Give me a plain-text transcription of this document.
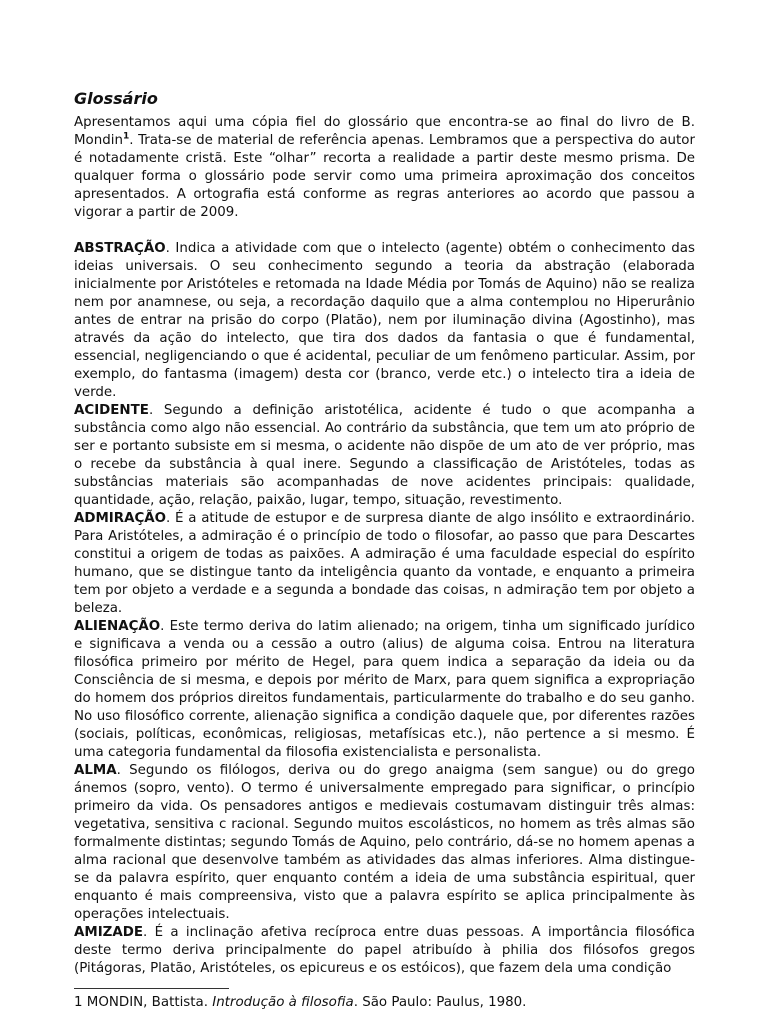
Glossário

Apresentamos aqui uma cópia fiel do glossário que encontra-se ao final do livro de B. Mondin$^1$. Trata-se de material de referência apenas. Lembramos que a perspectiva do autor é notadamente cristã. Este “olhar” recorta a realidade a partir deste mesmo prisma. De qualquer forma o glossário pode servir como uma primeira aproximação dos conceitos apresentados. A ortografia está conforme as regras anteriores ao acordo que passou a vigorar a partir de 2009.

ABSTRAÇÃO. Indica a atividade com que o intelecto (agente) obtém o conhecimento das ideias universais. O seu conhecimento segundo a teoria da abstração (elaborada inicialmente por Aristóteles e retomada na Idade Média por Tomás de Aquino) não se realiza nem por anamnese, ou seja, a recordação daquilo que a alma contemplou no Hiperurânio antes de entrar na prisão do corpo (Platão), nem por iluminação divina (Agostinho), mas através da ação do intelecto, que tira dos dados da fantasia o que é fundamental, essencial, negligenciando o que é acidental, peculiar de um fenômeno particular. Assim, por exemplo, do fantasma (imagem) desta cor (branco, verde etc.) o intelecto tira a ideia de verde.

ACIDENTE. Segundo a definição aristotélica, acidente é tudo o que acompanha a substância como algo não essencial. Ao contrário da substância, que tem um ato próprio de ser e portanto subsiste em si mesma, o acidente não dispõe de um ato de ver próprio, mas o recebe da substância à qual inere. Segundo a classificação de Aristóteles, todas as substâncias materiais são acompanhadas de nove acidentes principais: qualidade, quantidade, ação, relação, paixão, lugar, tempo, situação, revestimento.

ADMIRAÇÃO. É a atitude de estupor e de surpresa diante de algo insólito e extraordinário. Para Aristóteles, a admiração é o princípio de todo o filosofar, ao passo que para Descartes constitui a origem de todas as paixões. A admiração é uma faculdade especial do espírito humano, que se distingue tanto da inteligência quanto da vontade, e enquanto a primeira tem por objeto a verdade e a segunda a bondade das coisas, n admiração tem por objeto a beleza.

ALIENAÇÃO. Este termo deriva do latim alienado; na origem, tinha um significado jurídico e significava a venda ou a cessão a outro (alius) de alguma coisa. Entrou na literatura filosófica primeiro por mérito de Hegel, para quem indica a separação da ideia ou da Consciência de si mesma, e depois por mérito de Marx, para quem significa a expropriação do homem dos próprios direitos fundamentais, particularmente do trabalho e do seu ganho. No uso filosófico corrente, alienação significa a condição daquele que, por diferentes razões (sociais, políticas, econômicas, religiosas, metafísicas etc.), não pertence a si mesmo. É uma categoria fundamental da filosofia existencialista e personalista.

ALMA. Segundo os filólogos, deriva ou do grego anaigma (sem sangue) ou do grego ánemos (sopro, vento). O termo é universalmente empregado para significar, o princípio primeiro da vida. Os pensadores antigos e medievais costumavam distinguir três almas: vegetativa, sensitiva c racional. Segundo muitos escolásticos, no homem as três almas são formalmente distintas; segundo Tomás de Aquino, pelo contrário, dá-se no homem apenas a alma racional que desenvolve também as atividades das almas inferiores. Alma distingue-se da palavra espírito, quer enquanto contém a ideia de uma substância espiritual, quer enquanto é mais compreensiva, visto que a palavra espírito se aplica principalmente às operações intelectuais.

AMIZADE. É a inclinação afetiva recíproca entre duas pessoas. A importância filosófica deste termo deriva principalmente do papel atribuído à philia dos filósofos gregos (Pitágoras, Platão, Aristóteles, os epicureus e os estóicos), que fazem dela uma condição

1 MONDIN, Battista. Introdução à filosofia. São Paulo: Paulus, 1980.
